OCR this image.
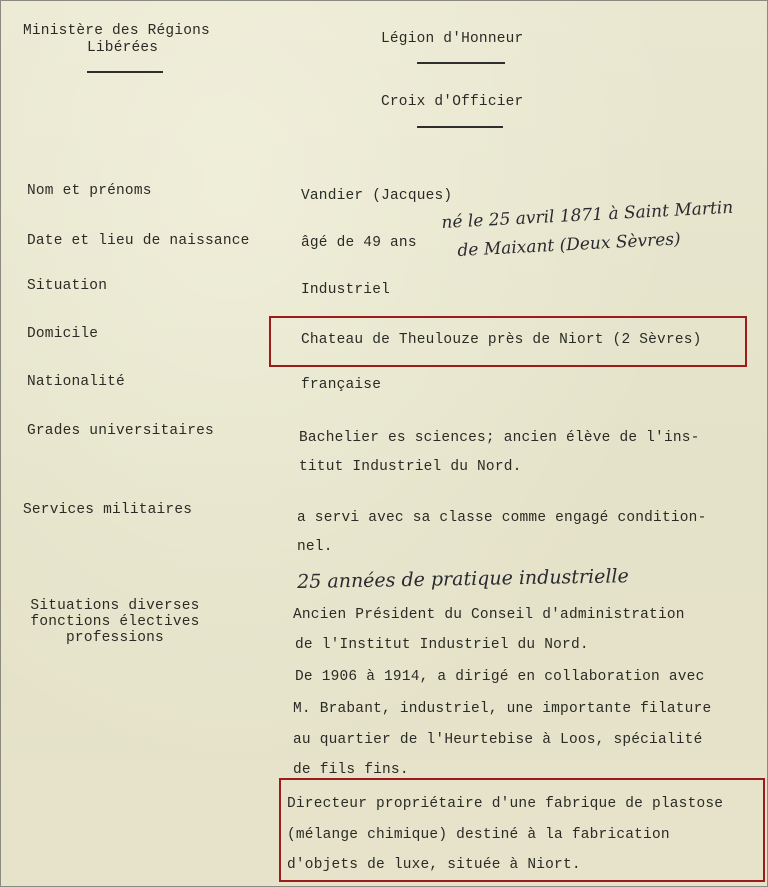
Ministère des Régions
Libérées
Légion d'Honneur
Croix d'Officier
Nom et prénoms	Vandier (Jacques)
Date et lieu de naissance	âgé de 49 ans
né le 25 avril 1871 à Saint Martin
de Maixant (Deux Sèvres)
Situation	Industriel
Domicile	Chateau de Theulouze près de Niort (2 Sèvres)
Nationalité	française
Grades universitaires	Bachelier es sciences; ancien élève de l'ins-
titut Industriel du Nord.
Services militaires	a servi avec sa classe comme engagé condition-
nel.
25 années de pratique industrielle
Situations diverses
fonctions électives
professions
Ancien Président du Conseil d'administration
de l'Institut Industriel du Nord.
De 1906 à 1914, a dirigé en collaboration avec
M. Brabant, industriel, une importante filature
au quartier de l'Heurtebise à Loos, spécialité
de fils fins.
Directeur propriétaire d'une fabrique de plastose
(mélange chimique) destiné à la fabrication
d'objets de luxe, située à Niort.
